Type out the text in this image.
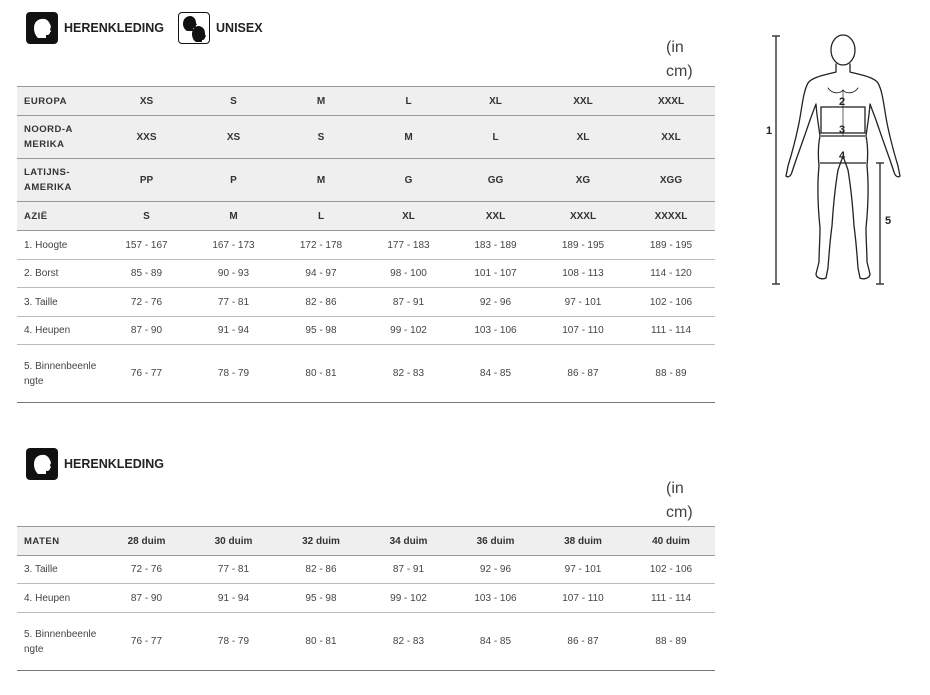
HERENKLEDING	UNISEX
(in cm)
EUROPA	XS	S	M	L	XL	XXL	XXXL
NOORD-AMERIKA	XXS	XS	S	M	L	XL	XXL
LATIJNS-AMERIKA	PP	P	M	G	GG	XG	XGG
AZIË	S	M	L	XL	XXL	XXXL	XXXXL
1. Hoogte	157 - 167	167 - 173	172 - 178	177 - 183	183 - 189	189 - 195	189 - 195
2. Borst	85 - 89	90 - 93	94 - 97	98 - 100	101 - 107	108 - 113	114 - 120
3. Taille	72 - 76	77 - 81	82 - 86	87 - 91	92 - 96	97 - 101	102 - 106
4. Heupen	87 - 90	91 - 94	95 - 98	99 - 102	103 - 106	107 - 110	111 - 114
5. Binnenbeenlengte	76 - 77	78 - 79	80 - 81	82 - 83	84 - 85	86 - 87	88 - 89
1
2
3
4
5
HERENKLEDING
(in cm)
MATEN	28 duim	30 duim	32 duim	34 duim	36 duim	38 duim	40 duim
3. Taille	72 - 76	77 - 81	82 - 86	87 - 91	92 - 96	97 - 101	102 - 106
4. Heupen	87 - 90	91 - 94	95 - 98	99 - 102	103 - 106	107 - 110	111 - 114
5. Binnenbeenlengte	76 - 77	78 - 79	80 - 81	82 - 83	84 - 85	86 - 87	88 - 89
